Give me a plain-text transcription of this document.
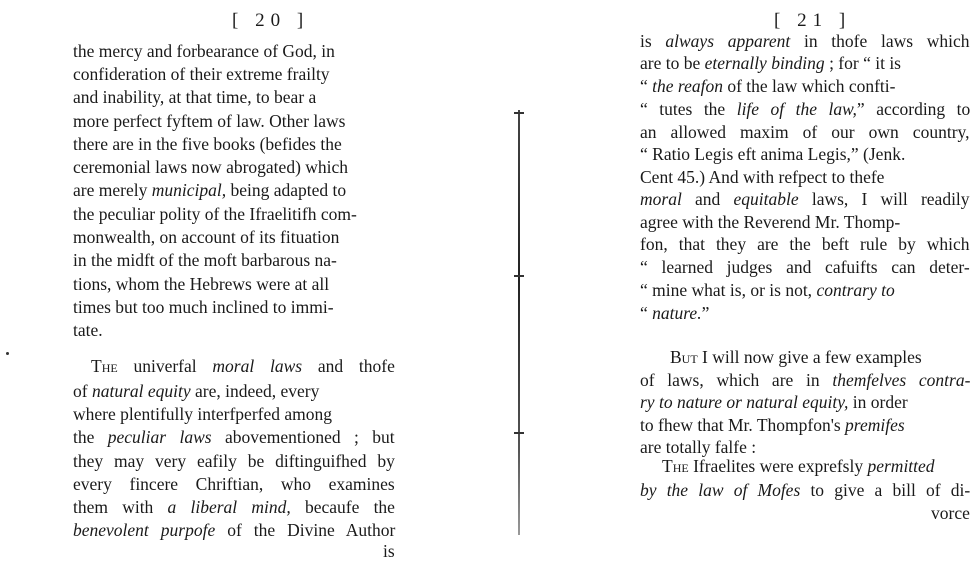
[ 20 ]
the mercy and forbearance of God, in
confideration of their extreme frailty
and inability, at that time, to bear a
more perfect fyftem of law. Other laws
there are in the five books (befides the
ceremonial laws now abrogated) which
are merely municipal, being adapted to
the peculiar polity of the Ifraelitifh com-
monwealth, on account of its fituation
in the midft of the moft barbarous na-
tions, whom the Hebrews were at all
times but too much inclined to immi-
tate.
The univerfal moral laws and thofe
of natural equity are, indeed, every
where plentifully interfperfed among
the peculiar laws abovementioned ; but
they may very eafily be diftinguifhed by
every fincere Chriftian, who examines
them with a liberal mind, becaufe the
benevolent purpofe of the Divine Author
is
[ 21 ]
is always apparent in thofe laws which
are to be eternally binding ; for “ it is
“ the reafon of the law which confti-
“ tutes the life of the law,” according to
an allowed maxim of our own country,
“ Ratio Legis eft anima Legis,” (Jenk.
Cent 45.) And with refpect to thefe
moral and equitable laws, I will readily
agree with the Reverend Mr. Thomp-
fon, that they are the beft rule by which
“ learned judges and cafuifts can deter-
“ mine what is, or is not, contrary to
“ nature.”
But I will now give a few examples
of laws, which are in themfelves contra-
ry to nature or natural equity, in order
to fhew that Mr. Thompfon's premifes
are totally falfe :
The Ifraelites were exprefsly permitted
by the law of Mofes to give a bill of di-
vorce
